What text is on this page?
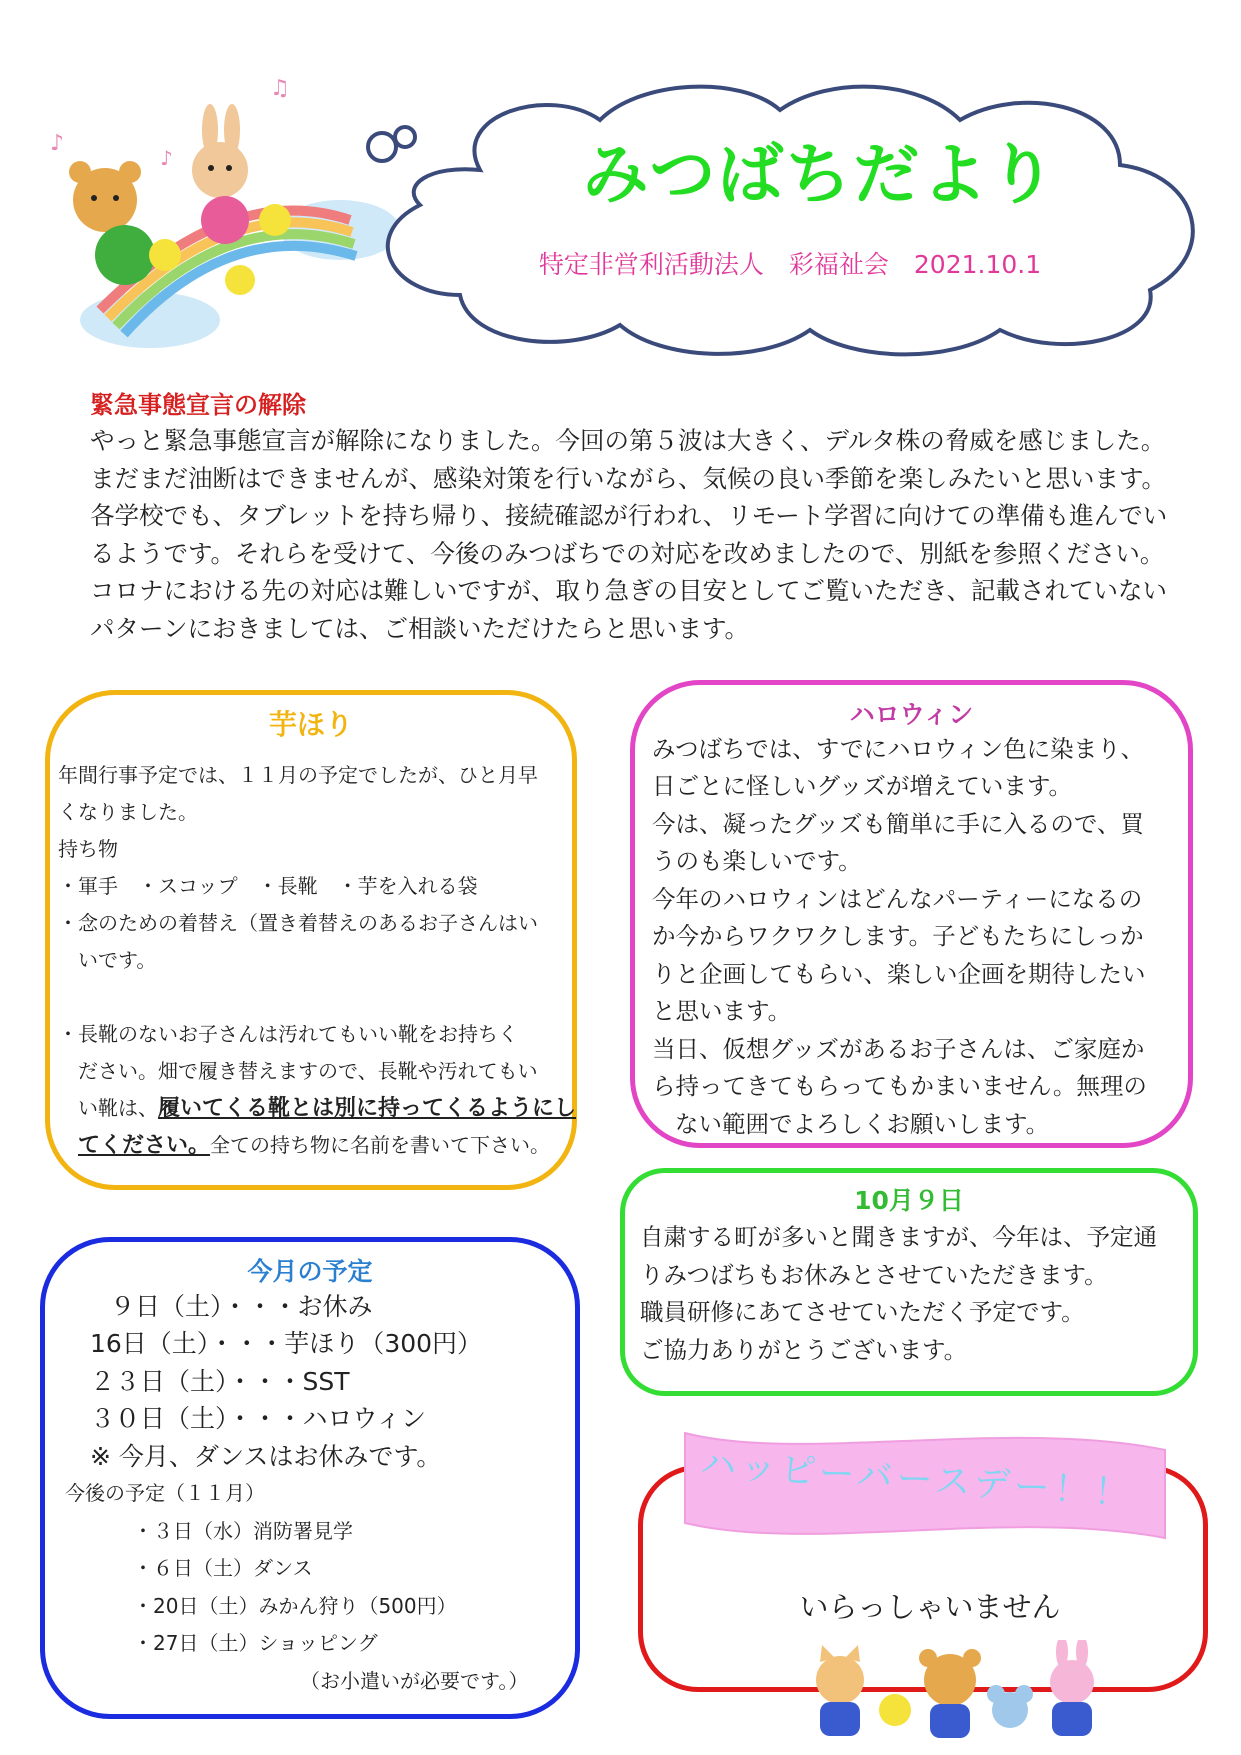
♪
♫
♪	みつばちだより
特定非営利活動法人　彩福祉会　2021.10.1
緊急事態宣言の解除
やっと緊急事態宣言が解除になりました。今回の第５波は大きく、デルタ株の脅威を感じました。
まだまだ油断はできませんが、感染対策を行いながら、気候の良い季節を楽しみたいと思います。
各学校でも、タブレットを持ち帰り、接続確認が行われ、リモート学習に向けての準備も進んでい
るようです。それらを受けて、今後のみつばちでの対応を改めましたので、別紙を参照ください。
コロナにおける先の対応は難しいですが、取り急ぎの目安としてご覧いただき、記載されていない
パターンにおきましては、ご相談いただけたらと思います。
芋ほり
年間行事予定では、１１月の予定でしたが、ひと月早
くなりました。
持ち物
・軍手　・スコップ　・長靴　・芋を入れる袋
・念のための着替え（置き着替えのあるお子さんはい
いです。
・長靴のないお子さんは汚れてもいい靴をお持ちく
ださい。畑で履き替えますので、長靴や汚れてもい
い靴は、履いてくる靴とは別に持ってくるようにし
てください。全ての持ち物に名前を書いて下さい。
ハロウィン
みつばちでは、すでにハロウィン色に染まり、
日ごとに怪しいグッズが増えています。
今は、凝ったグッズも簡単に手に入るので、買
うのも楽しいです。
今年のハロウィンはどんなパーティーになるの
か今からワクワクします。子どもたちにしっか
りと企画してもらい、楽しい企画を期待したい
と思います。
当日、仮想グッズがあるお子さんは、ご家庭か
ら持ってきてもらってもかまいません。無理の
ない範囲でよろしくお願いします。
10月９日
自粛する町が多いと聞きますが、今年は、予定通
りみつばちもお休みとさせていただきます。
職員研修にあてさせていただく予定です。
ご協力ありがとうございます。
今月の予定
９日（土）・・・お休み
16日（土）・・・芋ほり（300円）
２３日（土）・・・SST
３０日（土）・・・ハロウィン
※ 今月、ダンスはお休みです。
今後の予定（１１月）
・３日（水）消防署見学
・６日（土）ダンス
・20日（土）みかん狩り（500円）
・27日（土）ショッピング
（お小遣いが必要です。）
ハッピーバースデー！！
いらっしゃいません
